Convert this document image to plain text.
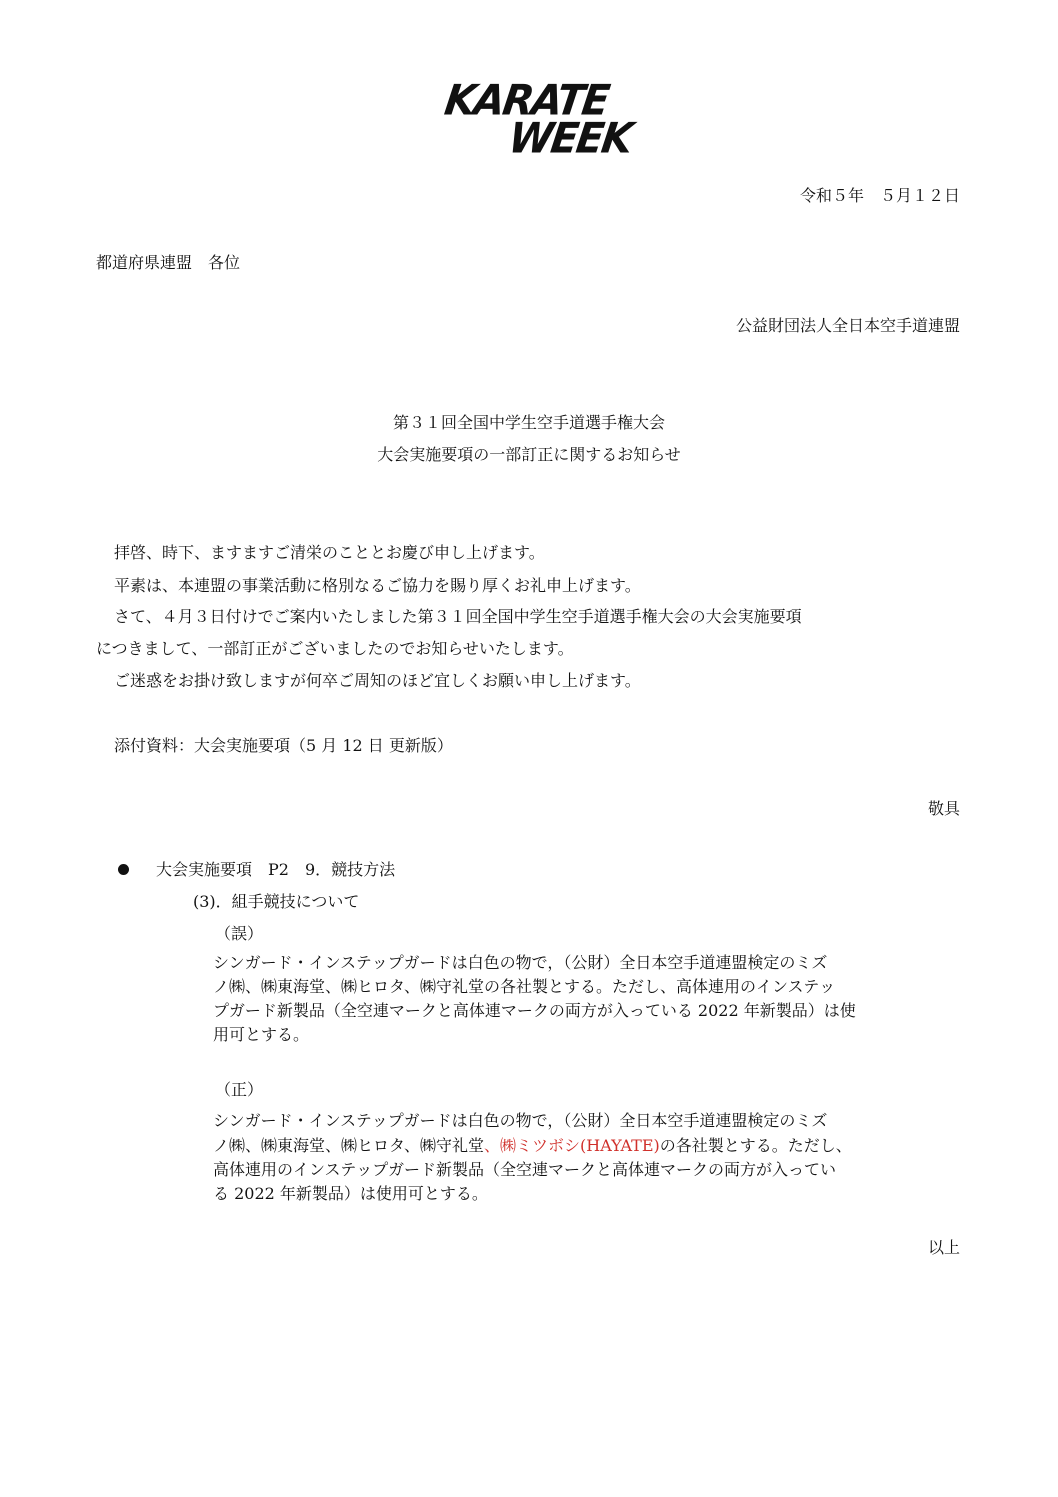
KARATE
WEEK
令和５年　５月１２日
都道府県連盟　各位
公益財団法人全日本空手道連盟
第３１回全国中学生空手道選手権大会
大会実施要項の一部訂正に関するお知らせ
拝啓、時下、ますますご清栄のこととお慶び申し上げます。
平素は、本連盟の事業活動に格別なるご協力を賜り厚くお礼申上げます。
さて、４月３日付けでご案内いたしました第３１回全国中学生空手道選手権大会の大会実施要項
につきまして、一部訂正がございましたのでお知らせいたします。
ご迷惑をお掛け致しますが何卒ご周知のほど宜しくお願い申し上げます。
添付資料：大会実施要項（5 月 12 日 更新版）
敬具
大会実施要項　P2　9．競技方法
(3)．組手競技について
（誤）
シンガード・インステップガードは白色の物で，（公財）全日本空手道連盟検定のミズ
ノ㈱、㈱東海堂、㈱ヒロタ、㈱守礼堂の各社製とする。ただし、高体連用のインステッ
プガード新製品（全空連マークと高体連マークの両方が入っている 2022 年新製品）は使
用可とする。
（正）
シンガード・インステップガードは白色の物で，（公財）全日本空手道連盟検定のミズ
ノ㈱、㈱東海堂、㈱ヒロタ、㈱守礼堂、㈱ミツボシ(HAYATE)の各社製とする。ただし、
高体連用のインステップガード新製品（全空連マークと高体連マークの両方が入ってい
る 2022 年新製品）は使用可とする。
以上
